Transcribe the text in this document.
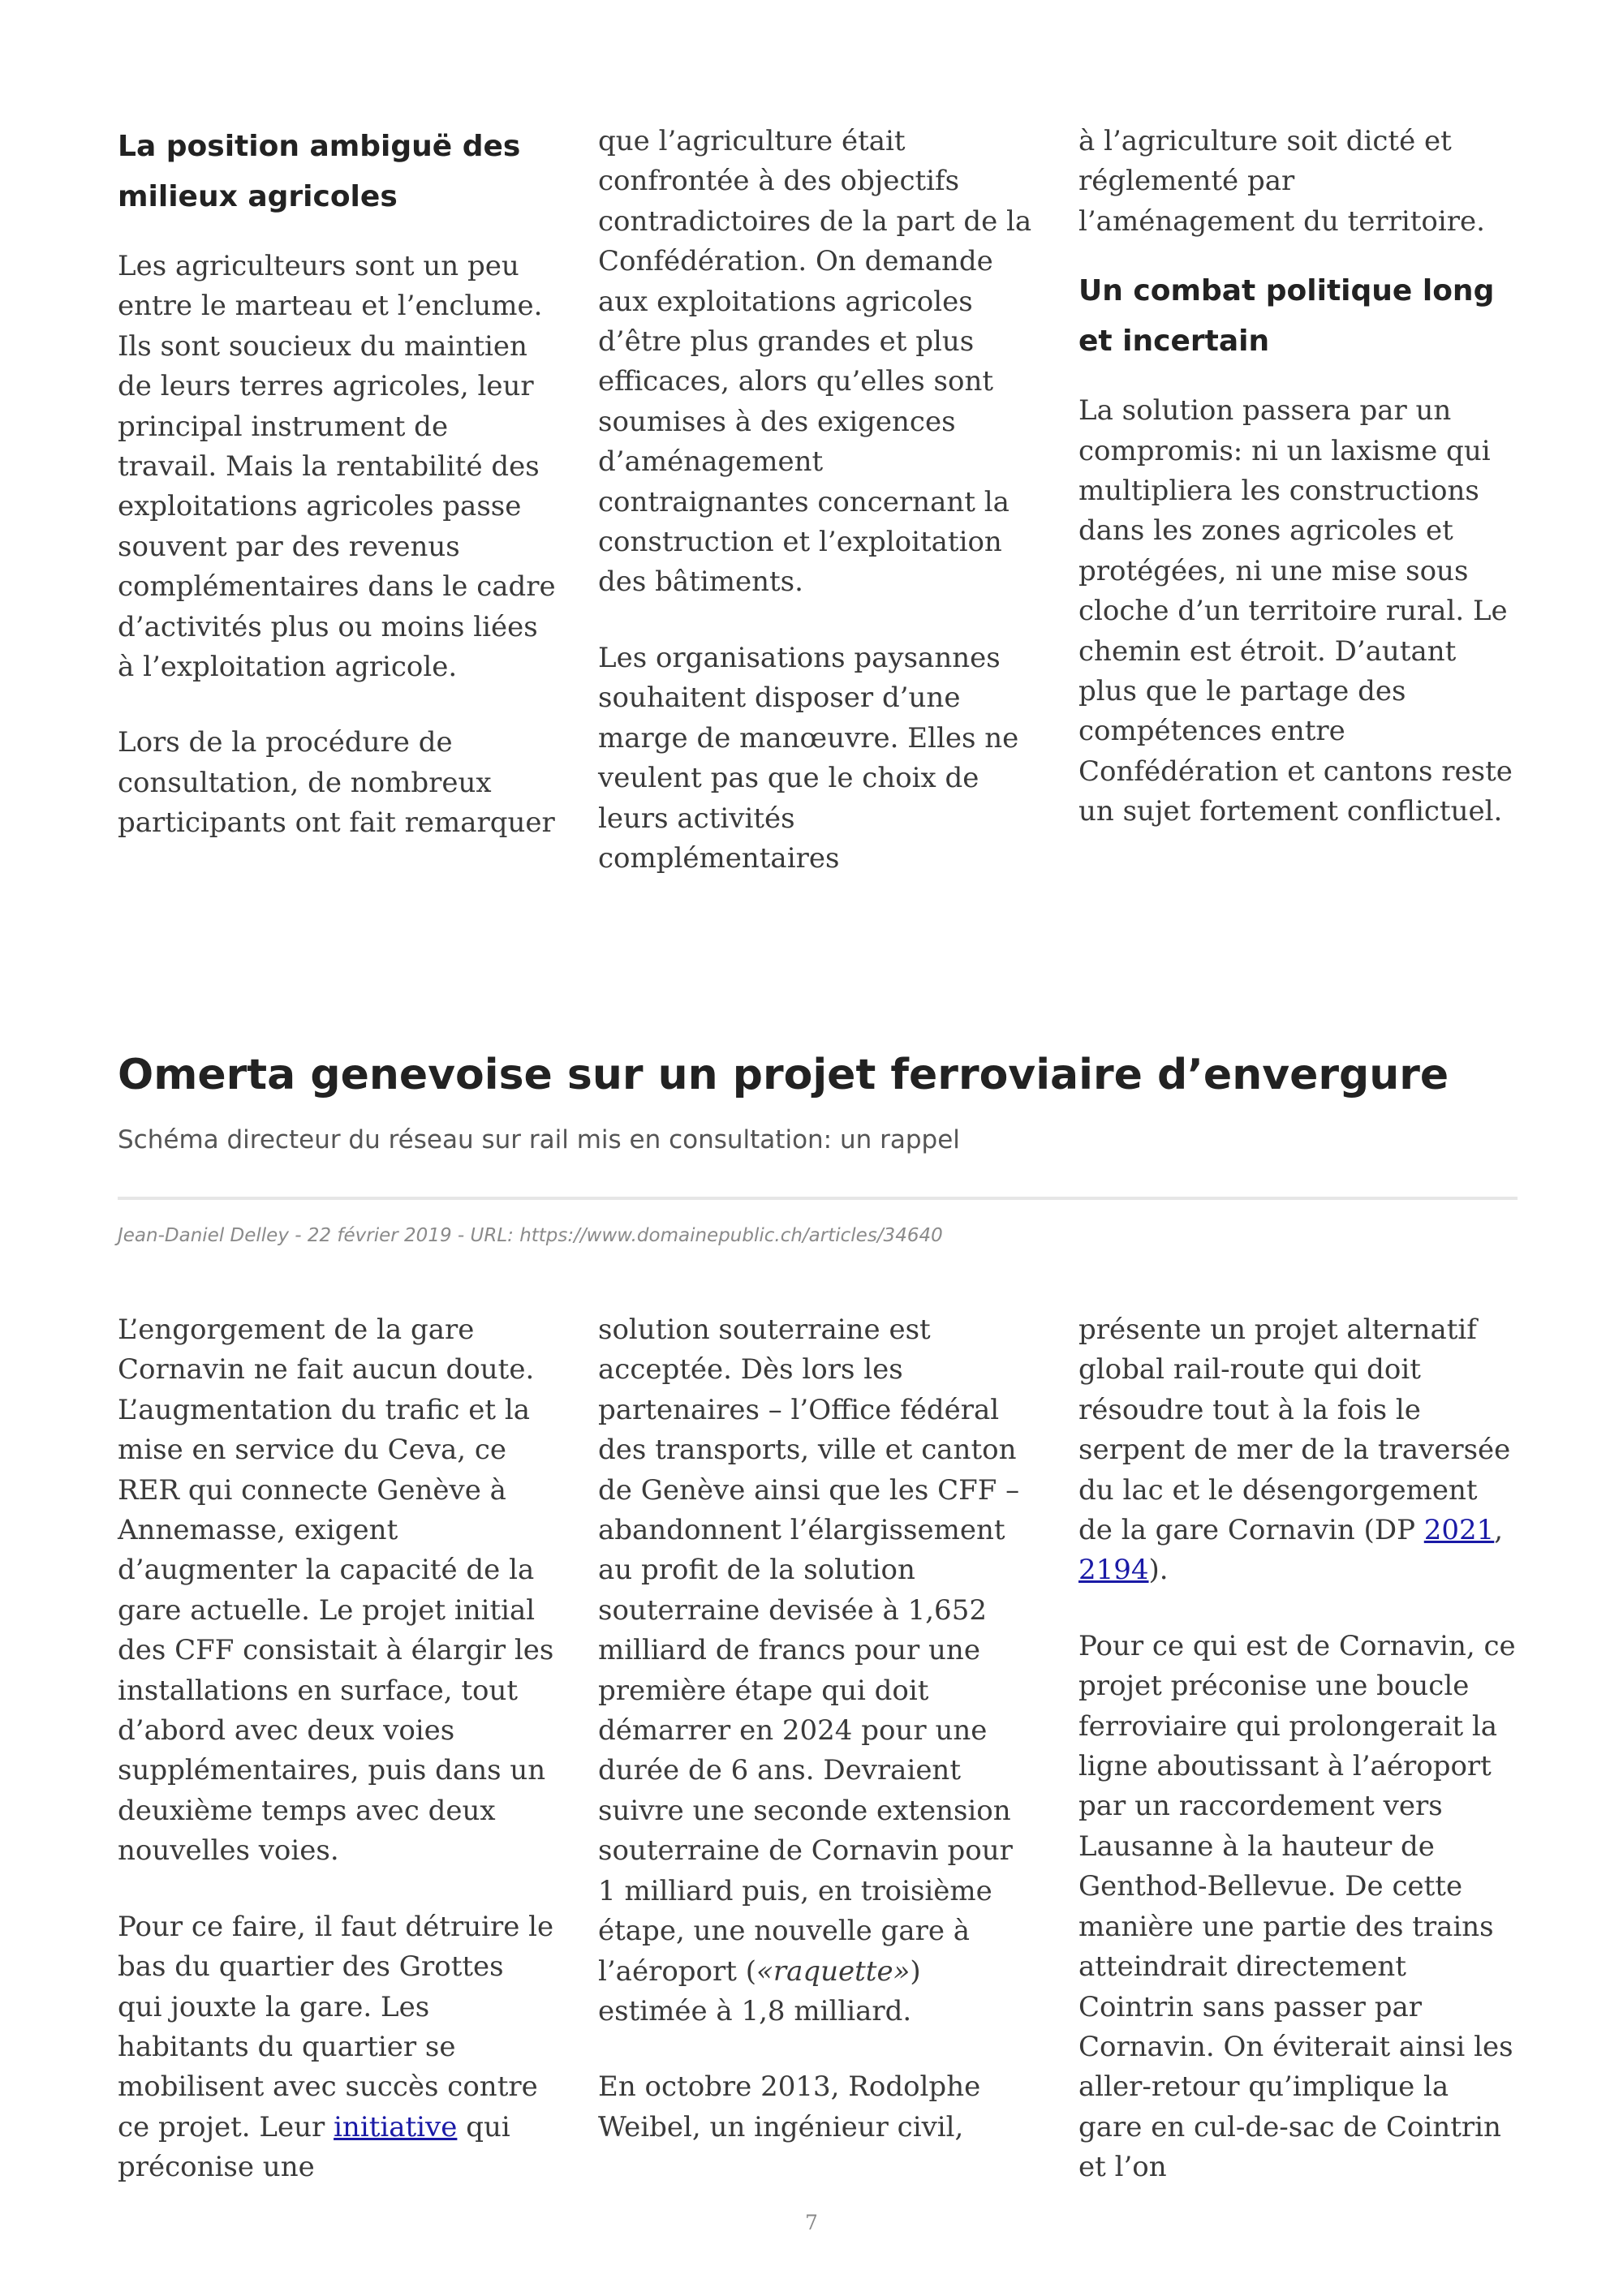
La position ambiguë des milieux agricoles

Les agriculteurs sont un peu entre le marteau et l’enclume. Ils sont soucieux du maintien de leurs terres agricoles, leur principal instrument de travail. Mais la rentabilité des exploitations agricoles passe souvent par des revenus complémentaires dans le cadre d’activités plus ou moins liées à l’exploitation agricole.

Lors de la procédure de consultation, de nombreux participants ont fait remarquer

que l’agriculture était confrontée à des objectifs contradictoires de la part de la Confédération. On demande aux exploitations agricoles d’être plus grandes et plus efficaces, alors qu’elles sont soumises à des exigences d’aménagement contraignantes concernant la construction et l’exploitation des bâtiments.

Les organisations paysannes souhaitent disposer d’une marge de manœuvre. Elles ne veulent pas que le choix de leurs activités complémentaires

à l’agriculture soit dicté et réglementé par l’aménagement du territoire.

Un combat politique long et incertain

La solution passera par un compromis: ni un laxisme qui multipliera les constructions dans les zones agricoles et protégées, ni une mise sous cloche d’un territoire rural. Le chemin est étroit. D’autant plus que le partage des compétences entre Confédération et cantons reste un sujet fortement conflictuel.

Omerta genevoise sur un projet ferroviaire d’envergure

Schéma directeur du réseau sur rail mis en consultation: un rappel

Jean-Daniel Delley - 22 février 2019 - URL: https://www.domainepublic.ch/articles/34640

L’engorgement de la gare Cornavin ne fait aucun doute. L’augmentation du trafic et la mise en service du Ceva, ce RER qui connecte Genève à Annemasse, exigent d’augmenter la capacité de la gare actuelle. Le projet initial des CFF consistait à élargir les installations en surface, tout d’abord avec deux voies supplémentaires, puis dans un deuxième temps avec deux nouvelles voies.

Pour ce faire, il faut détruire le bas du quartier des Grottes qui jouxte la gare. Les habitants du quartier se mobilisent avec succès contre ce projet. Leur initiative qui préconise une

solution souterraine est acceptée. Dès lors les partenaires – l’Office fédéral des transports, ville et canton de Genève ainsi que les CFF – abandonnent l’élargissement au profit de la solution souterraine devisée à 1,652 milliard de francs pour une première étape qui doit démarrer en 2024 pour une durée de 6 ans. Devraient suivre une seconde extension souterraine de Cornavin pour 1 milliard puis, en troisième étape, une nouvelle gare à l’aéroport («raquette») estimée à 1,8 milliard.

En octobre 2013, Rodolphe Weibel, un ingénieur civil,

présente un projet alternatif global rail-route qui doit résoudre tout à la fois le serpent de mer de la traversée du lac et le désengorgement de la gare Cornavin (DP 2021, 2194).

Pour ce qui est de Cornavin, ce projet préconise une boucle ferroviaire qui prolongerait la ligne aboutissant à l’aéroport par un raccordement vers Lausanne à la hauteur de Genthod-Bellevue. De cette manière une partie des trains atteindrait directement Cointrin sans passer par Cornavin. On éviterait ainsi les aller-retour qu’implique la gare en cul-de-sac de Cointrin et l’on

7
